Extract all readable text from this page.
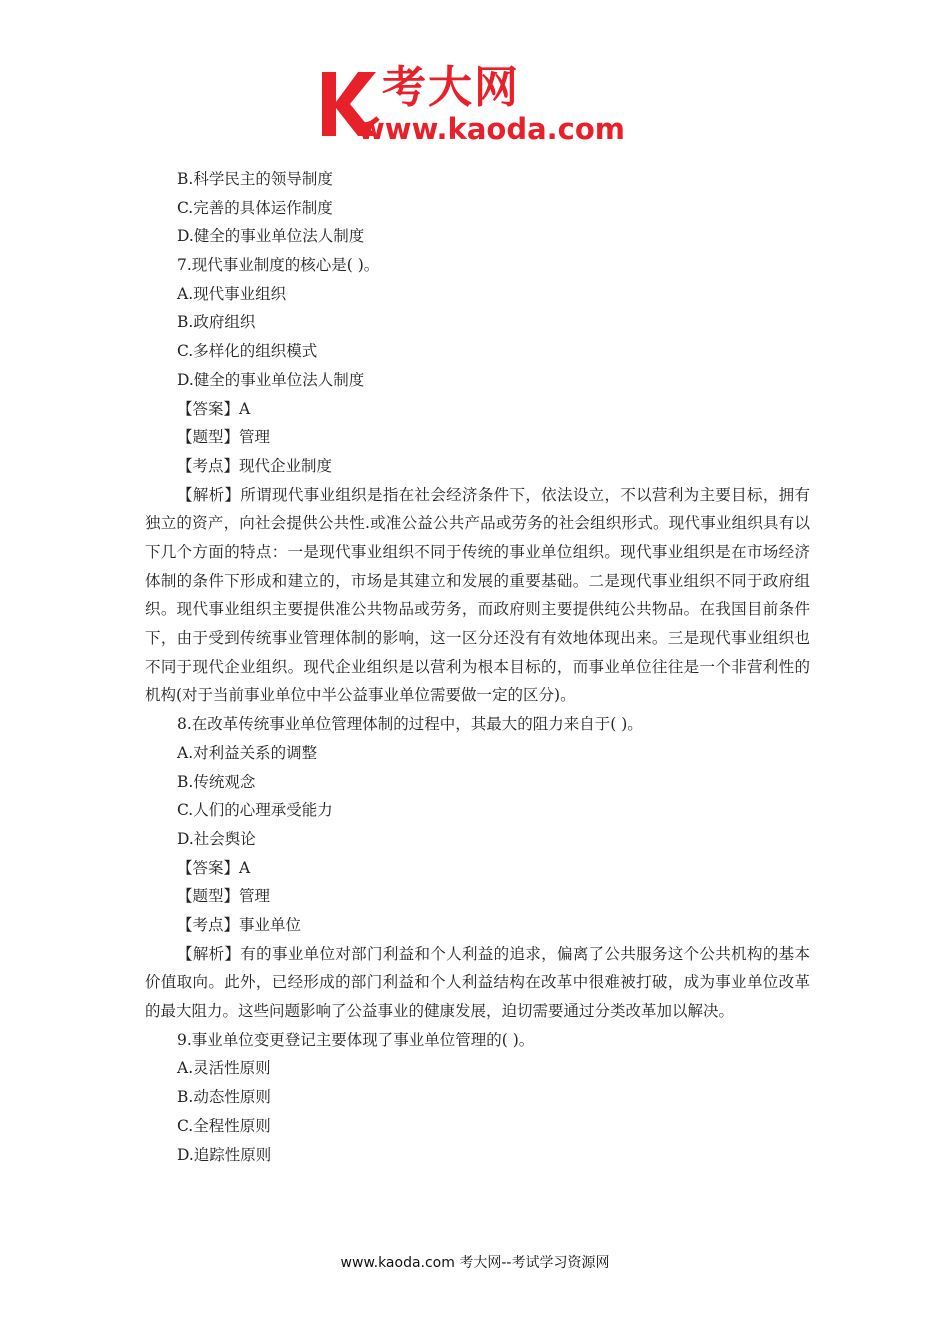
考大网
www.kaoda.com
B.科学民主的领导制度
C.完善的具体运作制度
D.健全的事业单位法人制度
7.现代事业制度的核心是( )。
A.现代事业组织
B.政府组织
C.多样化的组织模式
D.健全的事业单位法人制度
【答案】A
【题型】管理
【考点】现代企业制度
【解析】所谓现代事业组织是指在社会经济条件下，依法设立，不以营利为主要目标，拥有独立的资产，向社会提供公共性.或准公益公共产品或劳务的社会组织形式。现代事业组织具有以下几个方面的特点：一是现代事业组织不同于传统的事业单位组织。现代事业组织是在市场经济体制的条件下形成和建立的，市场是其建立和发展的重要基础。二是现代事业组织不同于政府组织。现代事业组织主要提供准公共物品或劳务，而政府则主要提供纯公共物品。在我国目前条件下，由于受到传统事业管理体制的影响，这一区分还没有有效地体现出来。三是现代事业组织也不同于现代企业组织。现代企业组织是以营利为根本目标的，而事业单位往往是一个非营利性的机构(对于当前事业单位中半公益事业单位需要做一定的区分)。
8.在改革传统事业单位管理体制的过程中，其最大的阻力来自于( )。
A.对利益关系的调整
B.传统观念
C.人们的心理承受能力
D.社会舆论
【答案】A
【题型】管理
【考点】事业单位
【解析】有的事业单位对部门利益和个人利益的追求，偏离了公共服务这个公共机构的基本价值取向。此外，已经形成的部门利益和个人利益结构在改革中很难被打破，成为事业单位改革的最大阻力。这些问题影响了公益事业的健康发展，迫切需要通过分类改革加以解决。
9.事业单位变更登记主要体现了事业单位管理的( )。
A.灵活性原则
B.动态性原则
C.全程性原则
D.追踪性原则
www.kaoda.com 考大网--考试学习资源网
